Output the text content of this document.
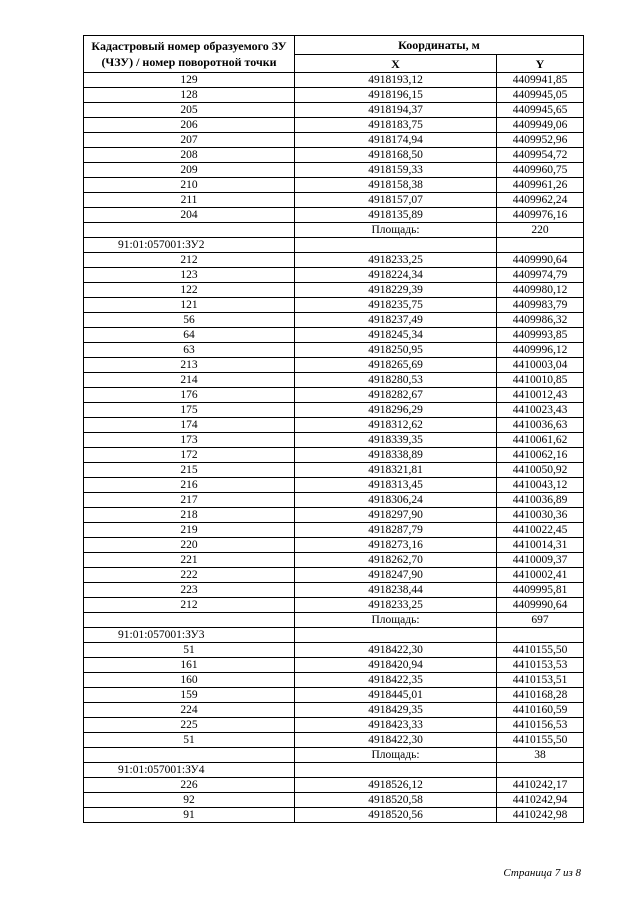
Кадастровый номер образуемого ЗУ (ЧЗУ) / номер поворотной точки	Координаты, м	
	X	Y
129	4918193,12	4409941,85
128	4918196,15	4409945,05
205	4918194,37	4409945,65
206	4918183,75	4409949,06
207	4918174,94	4409952,96
208	4918168,50	4409954,72
209	4918159,33	4409960,75
210	4918158,38	4409961,26
211	4918157,07	4409962,24
204	4918135,89	4409976,16
	Площадь:	220
91:01:057001:ЗУ2		
212	4918233,25	4409990,64
123	4918224,34	4409974,79
122	4918229,39	4409980,12
121	4918235,75	4409983,79
56	4918237,49	4409986,32
64	4918245,34	4409993,85
63	4918250,95	4409996,12
213	4918265,69	4410003,04
214	4918280,53	4410010,85
176	4918282,67	4410012,43
175	4918296,29	4410023,43
174	4918312,62	4410036,63
173	4918339,35	4410061,62
172	4918338,89	4410062,16
215	4918321,81	4410050,92
216	4918313,45	4410043,12
217	4918306,24	4410036,89
218	4918297,90	4410030,36
219	4918287,79	4410022,45
220	4918273,16	4410014,31
221	4918262,70	4410009,37
222	4918247,90	4410002,41
223	4918238,44	4409995,81
212	4918233,25	4409990,64
	Площадь:	697
91:01:057001:ЗУ3		
51	4918422,30	4410155,50
161	4918420,94	4410153,53
160	4918422,35	4410153,51
159	4918445,01	4410168,28
224	4918429,35	4410160,59
225	4918423,33	4410156,53
51	4918422,30	4410155,50
	Площадь:	38
91:01:057001:ЗУ4		
226	4918526,12	4410242,17
92	4918520,58	4410242,94
91	4918520,56	4410242,98
Страница 7 из 8
